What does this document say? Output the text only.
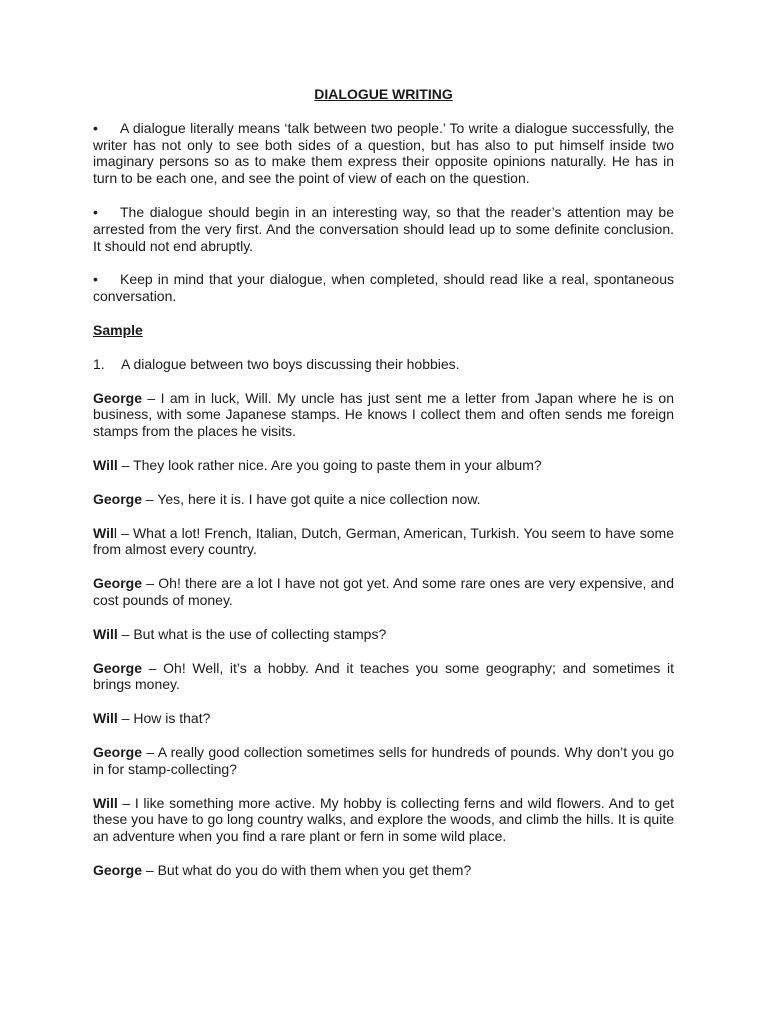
DIALOGUE WRITING
• A dialogue literally means ‘talk between two people.’ To write a dialogue successfully, the writer has not only to see both sides of a question, but has also to put himself inside two imaginary persons so as to make them express their opposite opinions naturally. He has in turn to be each one, and see the point of view of each on the question.
• The dialogue should begin in an interesting way, so that the reader’s attention may be arrested from the very first. And the conversation should lead up to some definite conclusion. It should not end abruptly.
• Keep in mind that your dialogue, when completed, should read like a real, spontaneous conversation.
Sample
1. A dialogue between two boys discussing their hobbies.
George – I am in luck, Will. My uncle has just sent me a letter from Japan where he is on business, with some Japanese stamps. He knows I collect them and often sends me foreign stamps from the places he visits.
Will – They look rather nice. Are you going to paste them in your album?
George – Yes, here it is. I have got quite a nice collection now.
Will – What a lot! French, Italian, Dutch, German, American, Turkish. You seem to have some from almost every country.
George – Oh! there are a lot I have not got yet. And some rare ones are very expensive, and cost pounds of money.
Will – But what is the use of collecting stamps?
George – Oh! Well, it’s a hobby. And it teaches you some geography; and sometimes it brings money.
Will – How is that?
George – A really good collection sometimes sells for hundreds of pounds. Why don’t you go in for stamp-collecting?
Will – I like something more active. My hobby is collecting ferns and wild flowers. And to get these you have to go long country walks, and explore the woods, and climb the hills. It is quite an adventure when you find a rare plant or fern in some wild place.
George – But what do you do with them when you get them?
